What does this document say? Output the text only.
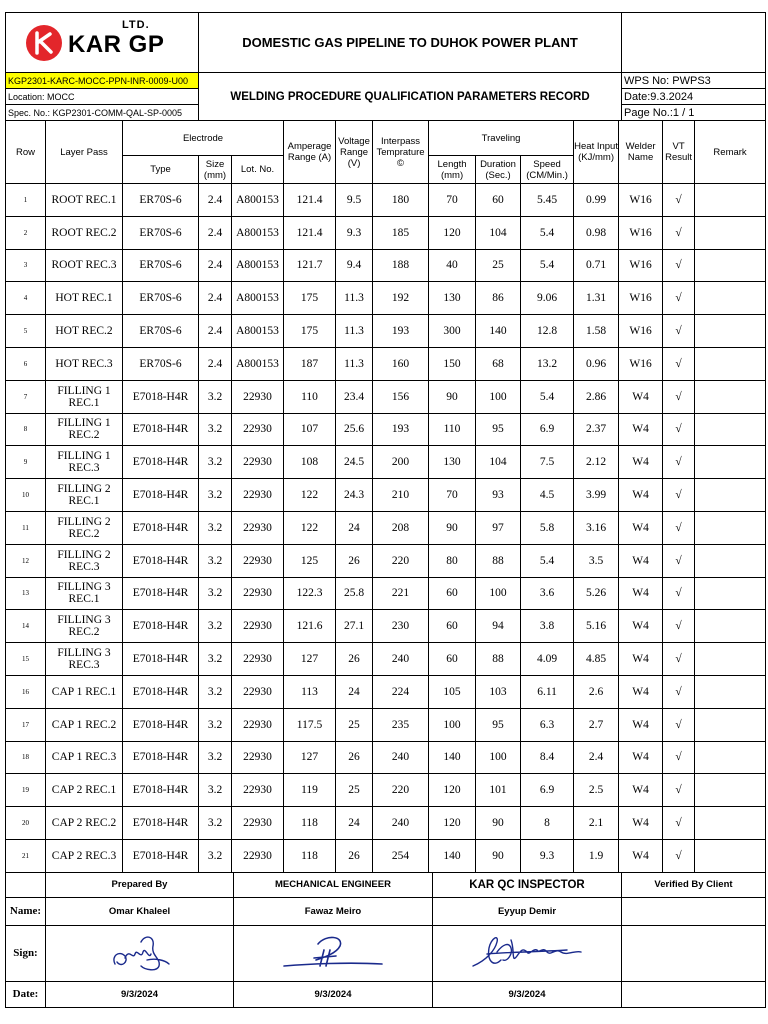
LTD.
KAR GP	DOMESTIC GAS PIPELINE TO DUHOK POWER PLANT	
KGP2301-KARC-MOCC-PPN-INR-0009-U00	WELDING PROCEDURE QUALIFICATION PARAMETERS RECORD	WPS No: PWPS3
Location: MOCC		Date:9.3.2024
Spec. No.: KGP2301-COMM-QAL-SP-0005		Page No.:1 / 1
Row	Layer Pass	Electrode			Amperage Range (A)	Voltage Range (V)	Interpass Temprature ©	Traveling			Heat Input (KJ/mm)	Welder Name	VT Result	Remark
		Type	Size (mm)	Lot. No.				Length (mm)	Duration (Sec.)	Speed (CM/Min.)				
1	ROOT REC.1	ER70S-6	2.4	A800153	121.4	9.5	180	70	60	5.45	0.99	W16	√	
2	ROOT REC.2	ER70S-6	2.4	A800153	121.4	9.3	185	120	104	5.4	0.98	W16	√	
3	ROOT REC.3	ER70S-6	2.4	A800153	121.7	9.4	188	40	25	5.4	0.71	W16	√	
4	HOT REC.1	ER70S-6	2.4	A800153	175	11.3	192	130	86	9.06	1.31	W16	√	
5	HOT REC.2	ER70S-6	2.4	A800153	175	11.3	193	300	140	12.8	1.58	W16	√	
6	HOT REC.3	ER70S-6	2.4	A800153	187	11.3	160	150	68	13.2	0.96	W16	√	
7	FILLING 1 REC.1	E7018-H4R	3.2	22930	110	23.4	156	90	100	5.4	2.86	W4	√	
8	FILLING 1 REC.2	E7018-H4R	3.2	22930	107	25.6	193	110	95	6.9	2.37	W4	√	
9	FILLING 1 REC.3	E7018-H4R	3.2	22930	108	24.5	200	130	104	7.5	2.12	W4	√	
10	FILLING 2 REC.1	E7018-H4R	3.2	22930	122	24.3	210	70	93	4.5	3.99	W4	√	
11	FILLING 2 REC.2	E7018-H4R	3.2	22930	122	24	208	90	97	5.8	3.16	W4	√	
12	FILLING 2 REC.3	E7018-H4R	3.2	22930	125	26	220	80	88	5.4	3.5	W4	√	
13	FILLING 3 REC.1	E7018-H4R	3.2	22930	122.3	25.8	221	60	100	3.6	5.26	W4	√	
14	FILLING 3 REC.2	E7018-H4R	3.2	22930	121.6	27.1	230	60	94	3.8	5.16	W4	√	
15	FILLING 3 REC.3	E7018-H4R	3.2	22930	127	26	240	60	88	4.09	4.85	W4	√	
16	CAP 1 REC.1	E7018-H4R	3.2	22930	113	24	224	105	103	6.11	2.6	W4	√	
17	CAP 1 REC.2	E7018-H4R	3.2	22930	117.5	25	235	100	95	6.3	2.7	W4	√	
18	CAP 1 REC.3	E7018-H4R	3.2	22930	127	26	240	140	100	8.4	2.4	W4	√	
19	CAP 2 REC.1	E7018-H4R	3.2	22930	119	25	220	120	101	6.9	2.5	W4	√	
20	CAP 2 REC.2	E7018-H4R	3.2	22930	118	24	240	120	90	8	2.1	W4	√	
21	CAP 2 REC.3	E7018-H4R	3.2	22930	118	26	254	140	90	9.3	1.9	W4	√	
	Prepared By	MECHANICAL ENGINEER	KAR QC INSPECTOR	Verified By Client
Name:	Omar Khaleel	Fawaz Meiro	Eyyup Demir	
Sign:	

Date:	9/3/2024	9/3/2024	9/3/2024	
